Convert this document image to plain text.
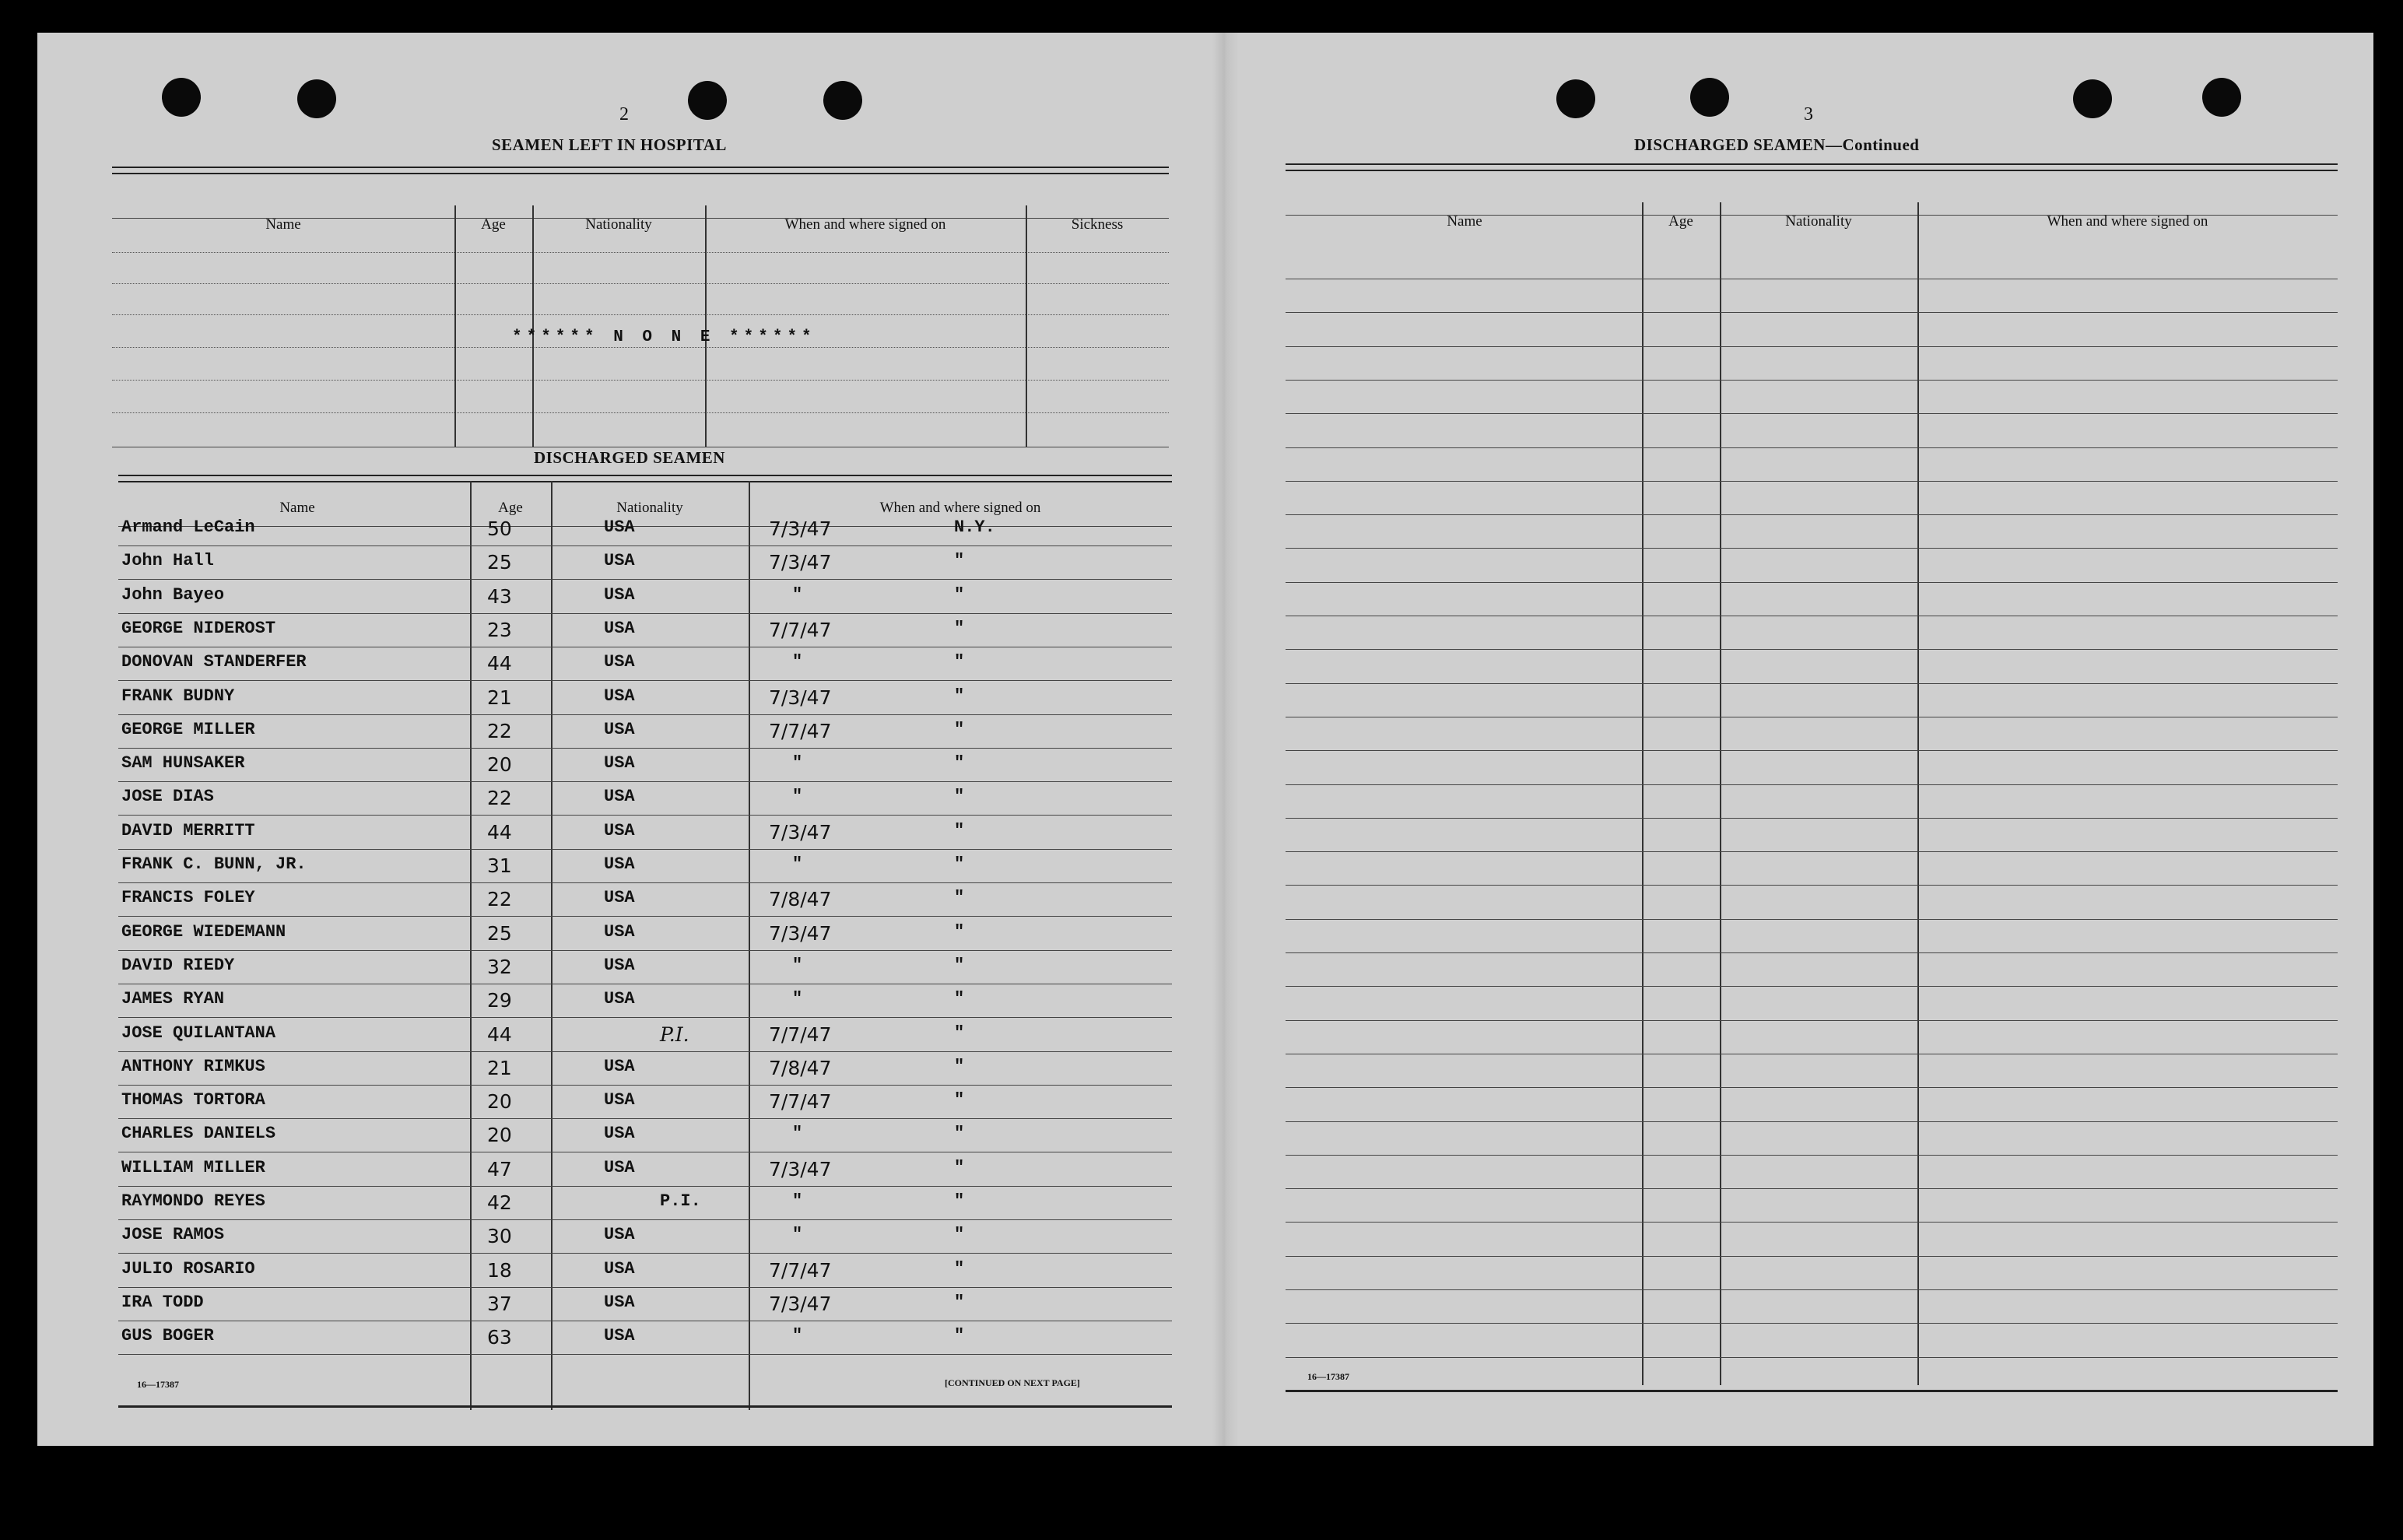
2
SEAMEN LEFT IN HOSPITAL
Name	Age	Nationality	When and where signed on	Sickness
****** N O N E ******
DISCHARGED SEAMEN
Name	Age	Nationality	When and where signed on
Armand LeCain	50	USA	7/3/47	N.Y.
John Hall	25	USA	7/3/47	"
John Bayeo	43	USA	"	"
GEORGE NIDEROST	23	USA	7/7/47	"
DONOVAN STANDERFER	44	USA	"	"
FRANK BUDNY	21	USA	7/3/47	"
GEORGE MILLER	22	USA	7/7/47	"
SAM HUNSAKER	20	USA	"	"
JOSE DIAS	22	USA	"	"
DAVID MERRITT	44	USA	7/3/47	"
FRANK C. BUNN, JR.	31	USA	"	"
FRANCIS FOLEY	22	USA	7/8/47	"
GEORGE WIEDEMANN	25	USA	7/3/47	"
DAVID RIEDY	32	USA	"	"
JAMES RYAN	29	USA	"	"
JOSE QUILANTANA	44	P.I.	7/7/47	"
ANTHONY RIMKUS	21	USA	7/8/47	"
THOMAS TORTORA	20	USA	7/7/47	"
CHARLES DANIELS	20	USA	"	"
WILLIAM MILLER	47	USA	7/3/47	"
RAYMONDO REYES	42	P.I.	"	"
JOSE RAMOS	30	USA	"	"
JULIO ROSARIO	18	USA	7/7/47	"
IRA TODD	37	USA	7/3/47	"
GUS BOGER	63	USA	"	"
16—17387	[CONTINUED ON NEXT PAGE]
3
DISCHARGED SEAMEN—Continued
Name	Age	Nationality	When and where signed on
16—17387
